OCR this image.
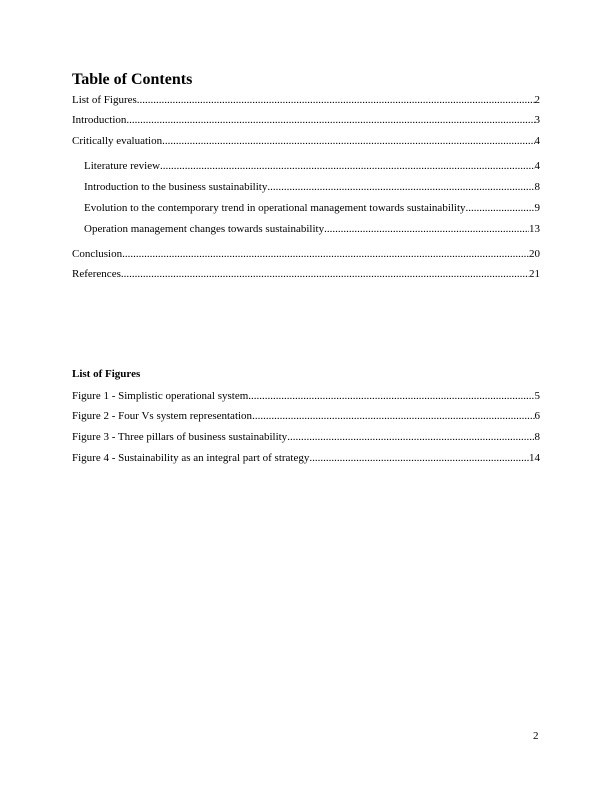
Table of Contents
List of Figures .....	2
Introduction .....	3
Critically evaluation .....	4
Literature review .....	4
Introduction to the business sustainability .....	8
Evolution to the contemporary trend in operational management towards sustainability .....	9
Operation management changes towards sustainability .....	13
Conclusion .....	20
References .....	21
List of Figures
Figure 1 - Simplistic operational system .....	5
Figure 2 - Four Vs system representation .....	6
Figure 3 - Three pillars of business sustainability .....	8
Figure 4 - Sustainability as an integral part of strategy .....	14
2
